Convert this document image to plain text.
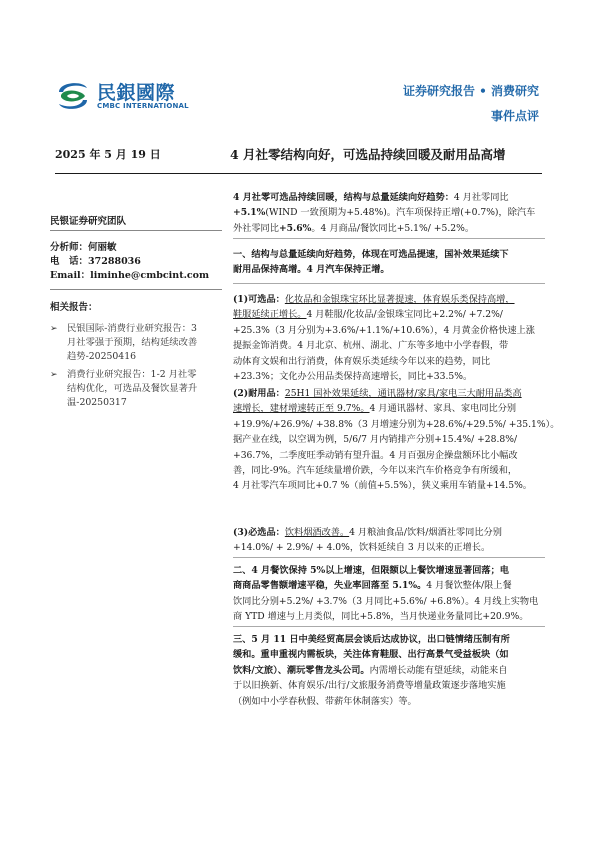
民銀國際
CMBC INTERNATIONAL
证券研究报告 • 消费研究
事件点评
2025 年 5 月 19 日	4 月社零结构向好，可选品持续回暖及耐用品高增
民银证券研究团队
分析师：何丽敏
电　话：37288036
Email：liminhe@cmbcint.com
相关报告：
➢ 民银国际-消费行业研究报告：3
月社零强于预期，结构延续改善
趋势-20250416
➢ 消费行业研究报告：1-2 月社零
结构优化，可选品及餐饮显著升
温-20250317
4 月社零可选品持续回暖，结构与总量延续向好趋势：4 月社零同比
+5.1%(WIND 一致预期为+5.48%)。汽车项保持正增(+0.7%)，除汽车
外社零同比+5.6%。4 月商品/餐饮同比+5.1%/ +5.2%。
一、结构与总量延续向好趋势，体现在可选品提速，国补效果延续下
耐用品保持高增。4 月汽车保持正增。
(1)可选品：化妆品和金银珠宝环比显著提速，体育娱乐类保持高增，
鞋服延续正增长。4 月鞋服/化妆品/金银珠宝同比+2.2%/ +7.2%/
+25.3%（3 月分别为+3.6%/+1.1%/+10.6%），4 月黄金价格快速上涨
提振金饰消费。4 月北京、杭州、湖北、广东等多地中小学春假，带
动体育文娱和出行消费，体育娱乐类延续今年以来的趋势，同比
+23.3%；文化办公用品类保持高速增长，同比+33.5%。
(2)耐用品：25H1 国补效果延续，通讯器材/家具/家电三大耐用品类高
速增长，建材增速转正至 9.7%。4 月通讯器材、家具、家电同比分别
+19.9%/+26.9%/ +38.8%（3 月增速分别为+28.6%/+29.5%/ +35.1%）。
据产业在线，以空调为例，5/6/7 月内销排产分别+15.4%/ +28.8%/
+36.7%，二季度旺季动销有望升温。4 月百强房企操盘额环比小幅改
善，同比-9%。汽车延续量增价跌，今年以来汽车价格竞争有所缓和，
4 月社零汽车项同比+0.7 %（前值+5.5%），狭义乘用车销量+14.5%。
(3)必选品：饮料烟酒改善。4 月粮油食品/饮料/烟酒社零同比分别
+14.0%/ + 2.9%/ + 4.0%，饮料延续自 3 月以来的正增长。
二、4 月餐饮保持 5%以上增速，但限额以上餐饮增速显著回落；电
商商品零售额增速平稳，失业率回落至 5.1%。4 月餐饮整体/限上餐
饮同比分别+5.2%/ +3.7%（3 月同比+5.6%/ +6.8%）。4 月线上实物电
商 YTD 增速与上月类似，同比+5.8%，当月快递业务量同比+20.9%。
三、5 月 11 日中美经贸高层会谈后达成协议，出口链情绪压制有所
缓和。重申重视内需板块，关注体育鞋服、出行高景气受益板块（如
饮料/文旅）、潮玩零售龙头公司。内需增长动能有望延续，动能来自
于以旧换新、体育娱乐/出行/文旅服务消费等增量政策逐步落地实施
（例如中小学春秋假、带薪年休制落实）等。
